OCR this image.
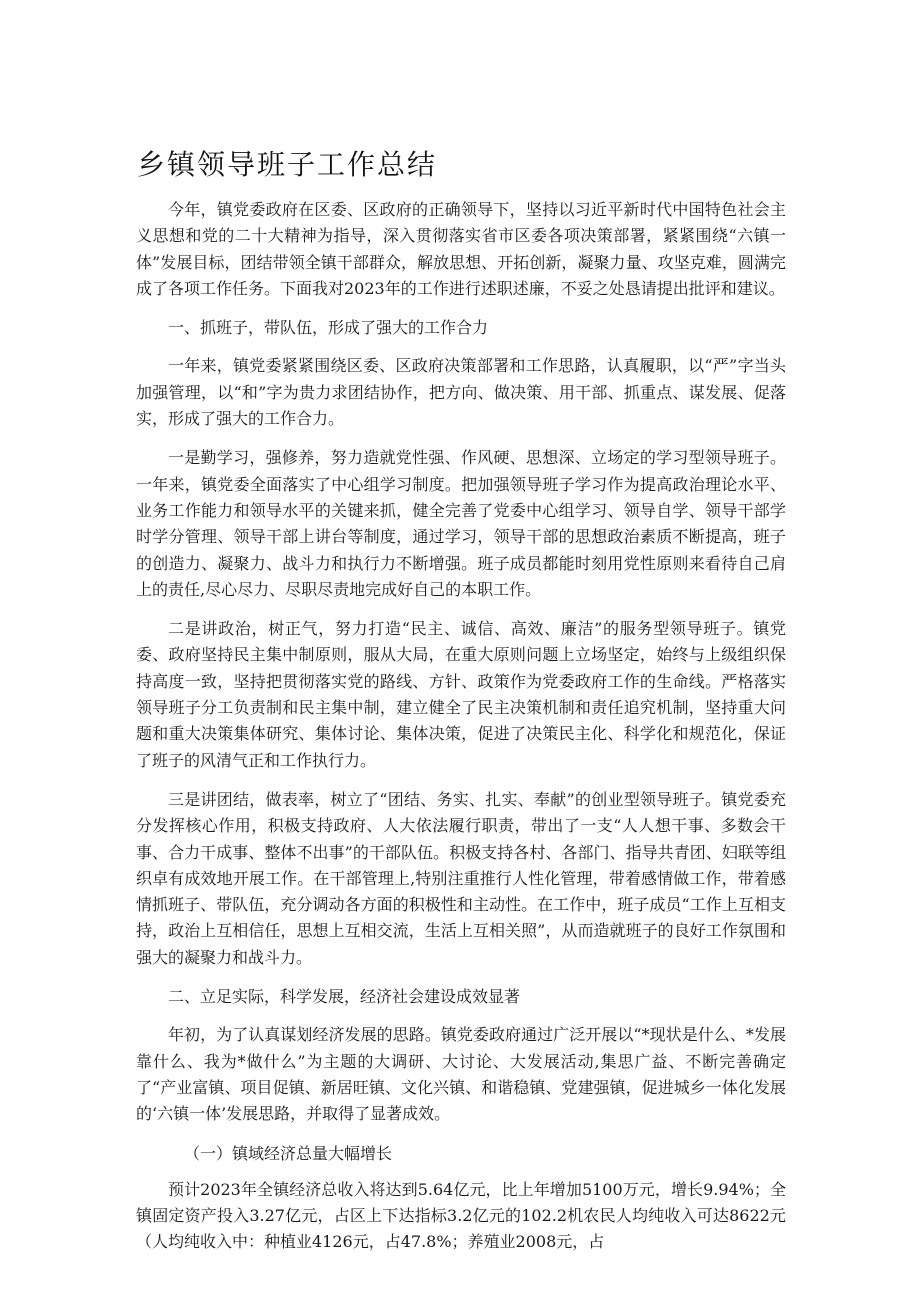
乡镇领导班子工作总结

今年，镇党委政府在区委、区政府的正确领导下，坚持以习近平新时代中国特色社会主义思想和党的二十大精神为指导，深入贯彻落实省市区委各项决策部署，紧紧围绕“六镇一体”发展目标，团结带领全镇干部群众，解放思想、开拓创新，凝聚力量、攻坚克难，圆满完成了各项工作任务。下面我对2023年的工作进行述职述廉，不妥之处恳请提出批评和建议。

一、抓班子，带队伍，形成了强大的工作合力

一年来，镇党委紧紧围绕区委、区政府决策部署和工作思路，认真履职，以“严”字当头加强管理，以“和”字为贵力求团结协作，把方向、做决策、用干部、抓重点、谋发展、促落实，形成了强大的工作合力。

一是勤学习，强修养，努力造就党性强、作风硬、思想深、立场定的学习型领导班子。一年来，镇党委全面落实了中心组学习制度。把加强领导班子学习作为提高政治理论水平、业务工作能力和领导水平的关键来抓，健全完善了党委中心组学习、领导自学、领导干部学时学分管理、领导干部上讲台等制度，通过学习，领导干部的思想政治素质不断提高，班子的创造力、凝聚力、战斗力和执行力不断增强。班子成员都能时刻用党性原则来看待自己肩上的责任,尽心尽力、尽职尽责地完成好自己的本职工作。

二是讲政治，树正气，努力打造“民主、诚信、高效、廉洁”的服务型领导班子。镇党委、政府坚持民主集中制原则，服从大局，在重大原则问题上立场坚定，始终与上级组织保持高度一致，坚持把贯彻落实党的路线、方针、政策作为党委政府工作的生命线。严格落实领导班子分工负责制和民主集中制，建立健全了民主决策机制和责任追究机制，坚持重大问题和重大决策集体研究、集体讨论、集体决策，促进了决策民主化、科学化和规范化，保证了班子的风清气正和工作执行力。

三是讲团结，做表率，树立了“团结、务实、扎实、奉献”的创业型领导班子。镇党委充分发挥核心作用，积极支持政府、人大依法履行职责，带出了一支“人人想干事、多数会干事、合力干成事、整体不出事”的干部队伍。积极支持各村、各部门、指导共青团、妇联等组织卓有成效地开展工作。在干部管理上,特别注重推行人性化管理，带着感情做工作，带着感情抓班子、带队伍，充分调动各方面的积极性和主动性。在工作中，班子成员“工作上互相支持，政治上互相信任，思想上互相交流，生活上互相关照”，从而造就班子的良好工作氛围和强大的凝聚力和战斗力。

二、立足实际，科学发展，经济社会建设成效显著

年初，为了认真谋划经济发展的思路。镇党委政府通过广泛开展以“*现状是什么、*发展靠什么、我为*做什么”为主题的大调研、大讨论、大发展活动,集思广益、不断完善确定了“产业富镇、项目促镇、新居旺镇、文化兴镇、和谐稳镇、党建强镇，促进城乡一体化发展的‘六镇一体’发展思路，并取得了显著成效。

（一）镇域经济总量大幅增长

预计2023年全镇经济总收入将达到5.64亿元，比上年增加5100万元，增长9.94%；全镇固定资产投入3.27亿元，占区上下达指标3.2亿元的102.2机农民人均纯收入可达8622元（人均纯收入中：种植业4126元，占47.8%；养殖业2008元，占
